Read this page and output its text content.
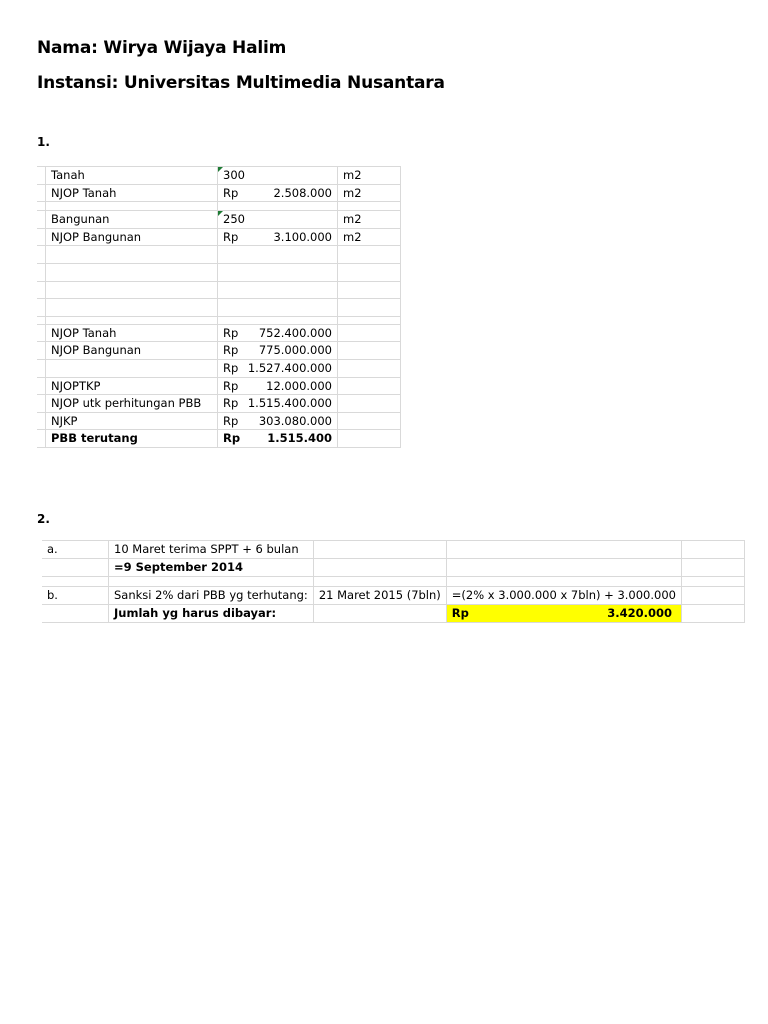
Nama: Wirya Wijaya Halim
Instansi: Universitas Multimedia Nusantara
1.
	Tanah	300	m2
	NJOP Tanah	Rp 2.508.000	m2

	Bangunan	250	m2
	NJOP Bangunan	Rp 3.100.000	m2

	NJOP Tanah	Rp 752.400.000	

	NJOP Bangunan	Rp 775.000.000	

		Rp 1.527.400.000	

	NJOPTKP	Rp 12.000.000	

	NJOP utk perhitungan PBB	Rp 1.515.400.000	

	NJKP	Rp 303.080.000	

	PBB terutang	Rp 1.515.400	

2.
a.	10 Maret terima SPPT + 6 bulan			
	=9 September 2014			

b.	Sanksi 2% dari PBB yg terhutang:	21 Maret 2015 (7bln)	=(2% x 3.000.000 x 7bln) + 3.000.000	
	Jumlah yg harus dibayar:		Rp 3.420.000	
